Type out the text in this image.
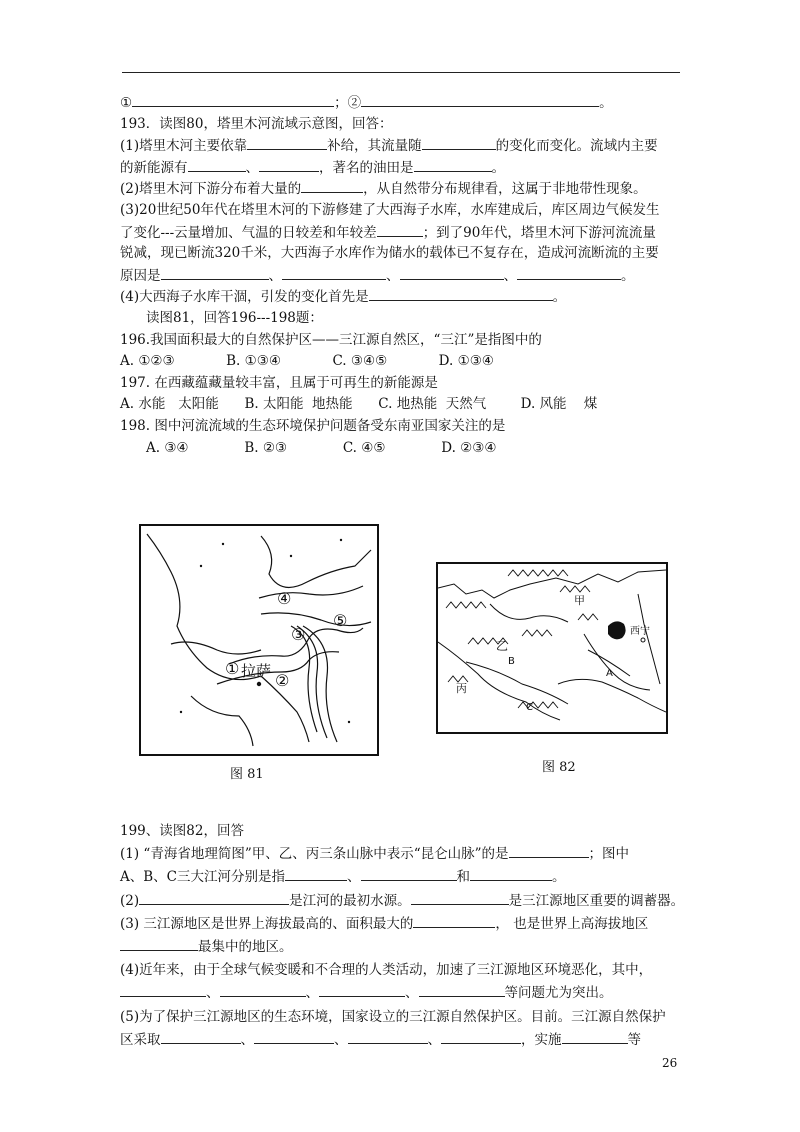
①	；②	。
193．读图80，塔里木河流域示意图，回答：
(1)塔里木河主要依靠	补给，其流量随	的变化而变化。流域内主要
的新能源有	、	，著名的油田是	。
(2)塔里木河下游分布着大量的	，从自然带分布规律看，这属于非地带性现象。
(3)20世纪50年代在塔里木河的下游修建了大西海子水库，水库建成后，库区周边气候发生
了变化---云量增加、气温的日较差和年较差	；到了90年代，塔里木河下游河流流量
锐减，现已断流320千米，大西海子水库作为储水的载体已不复存在，造成河流断流的主要
原因是	、	、	、	。
(4)大西海子水库干涸，引发的变化首先是	。
读图81，回答196---198题：
196.我国面积最大的自然保护区——三江源自然区，“三江”是指图中的
A. ①②③            B. ①③④            C. ③④⑤            D. ①③④
197. 在西藏蕴藏量较丰富，且属于可再生的新能源是
A. 水能   太阳能      B. 太阳能  地热能      C. 地热能  天然气        D. 风能    煤
198. 图中河流流域的生态环境保护问题备受东南亚国家关注的是
A. ③④             B. ②③             C. ④⑤             D. ②③④
① 拉萨 ②
③
④
⑤
图 81
甲
乙
丙
B
A
C
西宁
图 82
199、读图82，回答
(1) “青海省地理简图”甲、乙、丙三条山脉中表示“昆仑山脉”的是	；图中
A、B、C三大江河分别是指	、	和	。
(2)	是江河的最初水源。	是三江源地区重要的调蓄器。
(3) 三江源地区是世界上海拔最高的、面积最大的	， 也是世界上高海拔地区
最集中的地区。
(4)近年来，由于全球气候变暖和不合理的人类活动，加速了三江源地区环境恶化，其中，
、	、	、	等问题尤为突出。
(5)为了保护三江源地区的生态环境，国家设立的三江源自然保护区。目前。三江源自然保护
区采取	、	、	、	，实施	等
26
